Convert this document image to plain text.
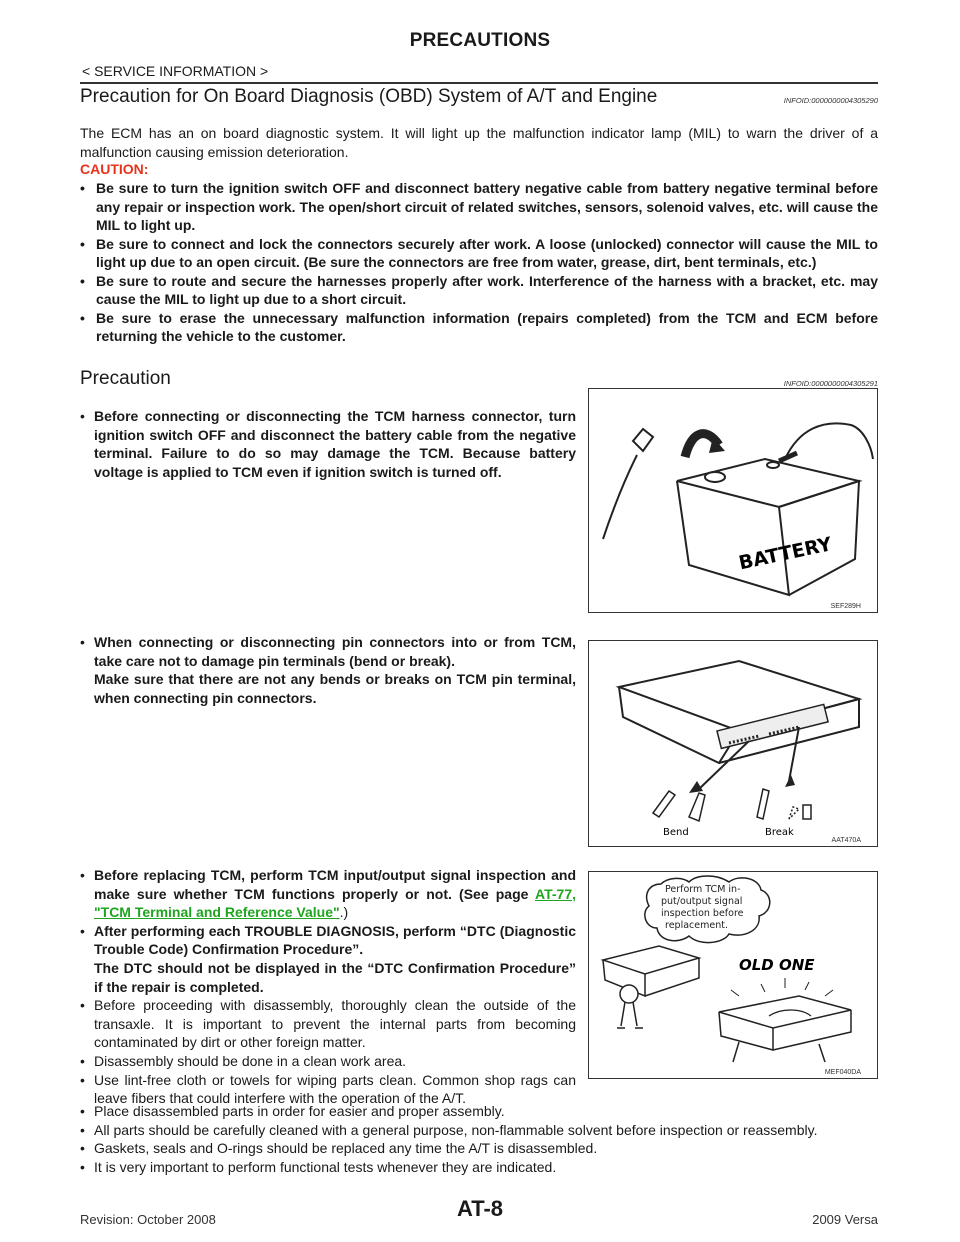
PRECAUTIONS
< SERVICE INFORMATION >
Precaution for On Board Diagnosis (OBD) System of A/T and Engine	INFOID:0000000004305290

The ECM has an on board diagnostic system. It will light up the malfunction indicator lamp (MIL) to warn the driver of a malfunction causing emission deterioration.

CAUTION:
• Be sure to turn the ignition switch OFF and disconnect battery negative cable from battery negative terminal before any repair or inspection work. The open/short circuit of related switches, sensors, solenoid valves, etc. will cause the MIL to light up.
• Be sure to connect and lock the connectors securely after work. A loose (unlocked) connector will cause the MIL to light up due to an open circuit. (Be sure the connectors are free from water, grease, dirt, bent terminals, etc.)
• Be sure to route and secure the harnesses properly after work. Interference of the harness with a bracket, etc. may cause the MIL to light up due to a short circuit.
• Be sure to erase the unnecessary malfunction information (repairs completed) from the TCM and ECM before returning the vehicle to the customer.
Precaution	INFOID:0000000004305291
• Before connecting or disconnecting the TCM harness connector, turn ignition switch OFF and disconnect the battery cable from the negative terminal. Failure to do so may damage the TCM. Because battery voltage is applied to TCM even if ignition switch is turned off.
• When connecting or disconnecting pin connectors into or from TCM, take care not to damage pin terminals (bend or break).
Make sure that there are not any bends or breaks on TCM pin terminal, when connecting pin connectors.
• Before replacing TCM, perform TCM input/output signal inspection and make sure whether TCM functions properly or not. (See page AT-77, "TCM Terminal and Reference Value".)
• After performing each TROUBLE DIAGNOSIS, perform “DTC (Diagnostic Trouble Code) Confirmation Procedure”.
The DTC should not be displayed in the “DTC Confirmation Procedure” if the repair is completed.
• Before proceeding with disassembly, thoroughly clean the outside of the transaxle. It is important to prevent the internal parts from becoming contaminated by dirt or other foreign matter.
• Disassembly should be done in a clean work area.
• Use lint-free cloth or towels for wiping parts clean. Common shop rags can leave fibers that could interfere with the operation of the A/T.
• Place disassembled parts in order for easier and proper assembly.
• All parts should be carefully cleaned with a general purpose, non-flammable solvent before inspection or reassembly.
• Gaskets, seals and O-rings should be replaced any time the A/T is disassembled.
• It is very important to perform functional tests whenever they are indicated.
BATTERY
SEF289H
Bend	Break
AAT470A
Perform TCM in- put/output signal inspection before replacement.
OLD ONE
MEF040DA
Revision: October 2008	AT-8	2009 Versa
